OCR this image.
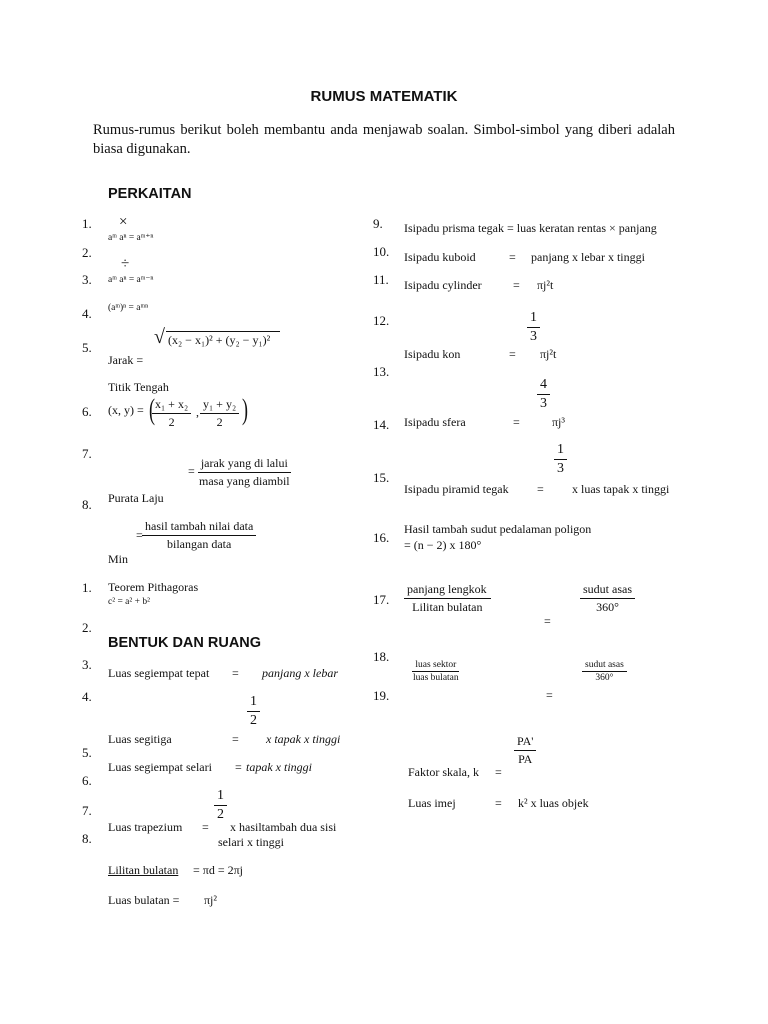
RUMUS MATEMATIK
Rumus-rumus berikut boleh membantu anda menjawab soalan. Simbol-simbol yang diberi adalah biasa digunakan.
PERKAITAN
1. ×
aᵐ aⁿ = aᵐ⁺ⁿ
2.
÷
3. aᵐ aⁿ = aᵐ⁻ⁿ
4. (aᵐ)ⁿ = aᵐⁿ
5.	√ (x₂ − x₁)² + (y₂ − y₁)²
Jarak =
Titik Tengah
6. (x, y) = (
$\frac{\text{x₁ + x₂}}{2}$ , $\frac{\text{y₁ + y₂}}{2}$ )
7.
= $\frac{\text{jarak yang di lalui}}{\text{masa yang diambil}}$
8. Purata Laju
= $\frac{\text{hasil tambah nilai data}}{\text{bilangan data}}$
Min
1. Teorem Pithagoras
c² = a² + b²
2.
BENTUK DAN RUANG
3.
Luas segiempat tepat = panjang x lebar
4.	$\frac{1}{2}$
Luas segitiga	= x tapak x tinggi
5.
Luas segiempat selari = tapak x tinggi
6.
$\frac{1}{2}$
7.
Luas trapezium = x hasiltambah dua sisi
8.	selari x tinggi
Lilitan bulatan = πd = 2πj
Luas bulatan = πj²
9. Isipadu prisma tegak = luas keratan rentas × panjang
10. Isipadu kuboid	= panjang x lebar x tinggi
11. Isipadu cylinder	= πj²t
$\frac{1}{3}$
12.
Isipadu kon	= πj²t
13.
$\frac{4}{3}$
14. Isipadu sfera	=	πj³
$\frac{1}{3}$
15.
Isipadu piramid tegak = x luas tapak x tinggi
16.
Hasil tambah sudut pedalaman poligon
= (n − 2) x 180°
17. $\frac{\text{panjang lengkok}}{\text{Lilitan bulatan}}$	$\frac{\text{sudut asas}}{360^\circ}$
=
18.
$\frac{\text{luas sektor}}{\text{luas bulatan}}$	$\frac{\text{sudut asas}}{360^\circ}$
19.	=
$\frac{PA'}{PA}$
Faktor skala, k =
Luas imej	= k² x luas objek
